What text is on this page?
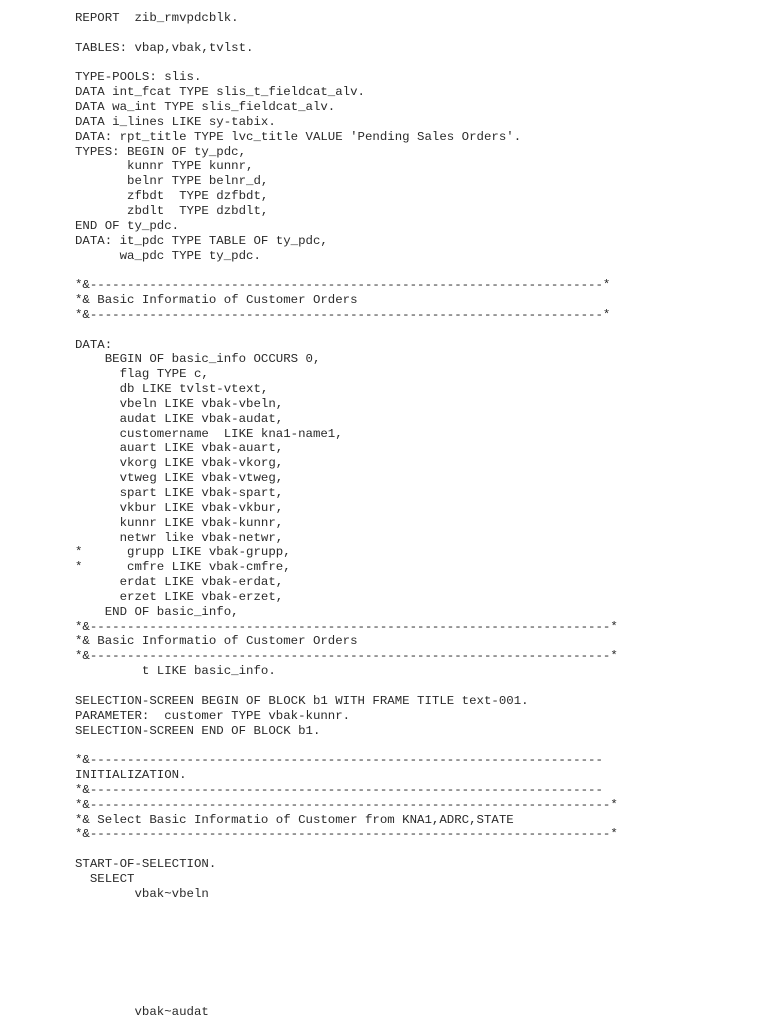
REPORT  zib_rmvpdcblk.

TABLES: vbap,vbak,tvlst.

TYPE-POOLS: slis.
DATA int_fcat TYPE slis_t_fieldcat_alv.
DATA wa_int TYPE slis_fieldcat_alv.
DATA i_lines LIKE sy-tabix.
DATA: rpt_title TYPE lvc_title VALUE 'Pending Sales Orders'.
TYPES: BEGIN OF ty_pdc,
kunnr TYPE kunnr,
belnr TYPE belnr_d,
zfbdt  TYPE dzfbdt,
zbdlt  TYPE dzbdlt,
END OF ty_pdc.
DATA: it_pdc TYPE TABLE OF ty_pdc,
wa_pdc TYPE ty_pdc.

*&---------------------------------------------------------------------*
*& Basic Informatio of Customer Orders
*&---------------------------------------------------------------------*

DATA:
BEGIN OF basic_info OCCURS 0,
flag TYPE c,
db LIKE tvlst-vtext,
vbeln LIKE vbak-vbeln,
audat LIKE vbak-audat,
customername  LIKE kna1-name1,
auart LIKE vbak-auart,
vkorg LIKE vbak-vkorg,
vtweg LIKE vbak-vtweg,
spart LIKE vbak-spart,
vkbur LIKE vbak-vkbur,
kunnr LIKE vbak-kunnr,
netwr like vbak-netwr,
*      grupp LIKE vbak-grupp,
*      cmfre LIKE vbak-cmfre,
erdat LIKE vbak-erdat,
erzet LIKE vbak-erzet,
END OF basic_info,
*&----------------------------------------------------------------------*
*& Basic Informatio of Customer Orders
*&----------------------------------------------------------------------*
t LIKE basic_info.

SELECTION-SCREEN BEGIN OF BLOCK b1 WITH FRAME TITLE text-001.
PARAMETER:  customer TYPE vbak-kunnr.
SELECTION-SCREEN END OF BLOCK b1.

*&---------------------------------------------------------------------
INITIALIZATION.
*&---------------------------------------------------------------------
*&----------------------------------------------------------------------*
*& Select Basic Informatio of Customer from KNA1,ADRC,STATE
*&----------------------------------------------------------------------*

START-OF-SELECTION.
SELECT
vbak~vbeln
vbak~audat
